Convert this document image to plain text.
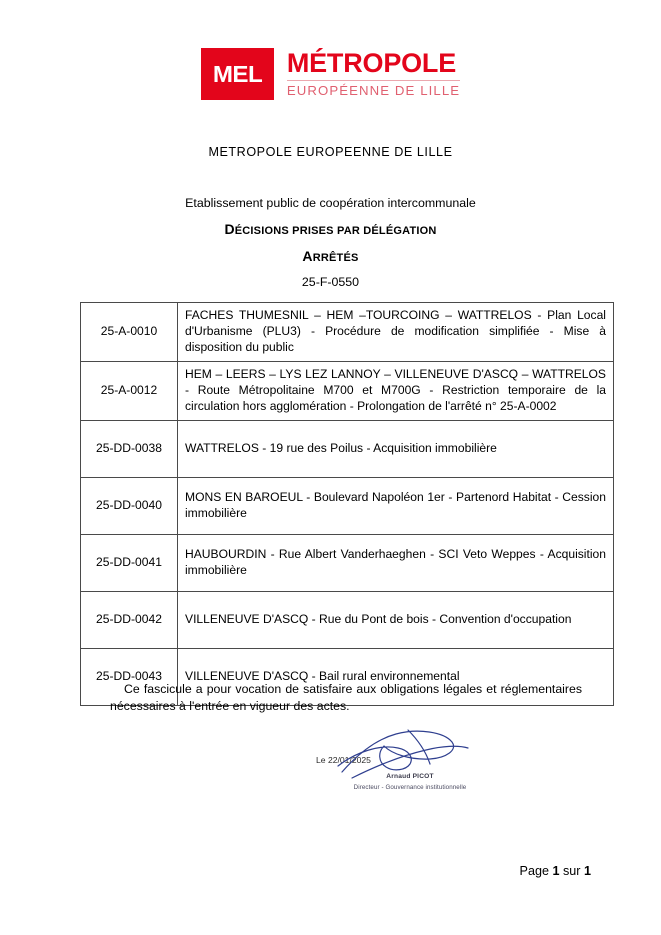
MEL MÉTROPOLE
EUROPÉENNE DE LILLE
METROPOLE EUROPEENNE DE LILLE
Etablissement public de coopération intercommunale
DÉCISIONS PRISES PAR DÉLÉGATION
ARRÊTÉS
25-F-0550
25-A-0010	FACHES THUMESNIL – HEM –TOURCOING – WATTRELOS - Plan Local d'Urbanisme (PLU3) - Procédure de modification simplifiée - Mise à disposition du public
25-A-0012	HEM – LEERS – LYS LEZ LANNOY – VILLENEUVE D'ASCQ – WATTRELOS - Route Métropolitaine M700 et M700G - Restriction temporaire de la circulation hors agglomération - Prolongation de l'arrêté n° 25-A-0002
25-DD-0038	WATTRELOS - 19 rue des Poilus - Acquisition immobilière
25-DD-0040	MONS EN BAROEUL - Boulevard Napoléon 1er - Partenord Habitat - Cession immobilière
25-DD-0041	HAUBOURDIN - Rue Albert Vanderhaeghen - SCI Veto Weppes - Acquisition immobilière
25-DD-0042	VILLENEUVE D'ASCQ - Rue du Pont de bois - Convention d'occupation
25-DD-0043	VILLENEUVE D'ASCQ - Bail rural environnemental
Ce fascicule a pour vocation de satisfaire aux obligations légales et réglementaires nécessaires à l'entrée en vigueur des actes.
Le 22/01/2025
Arnaud PICOT
Directeur - Gouvernance institutionnelle
Page 1 sur 1
